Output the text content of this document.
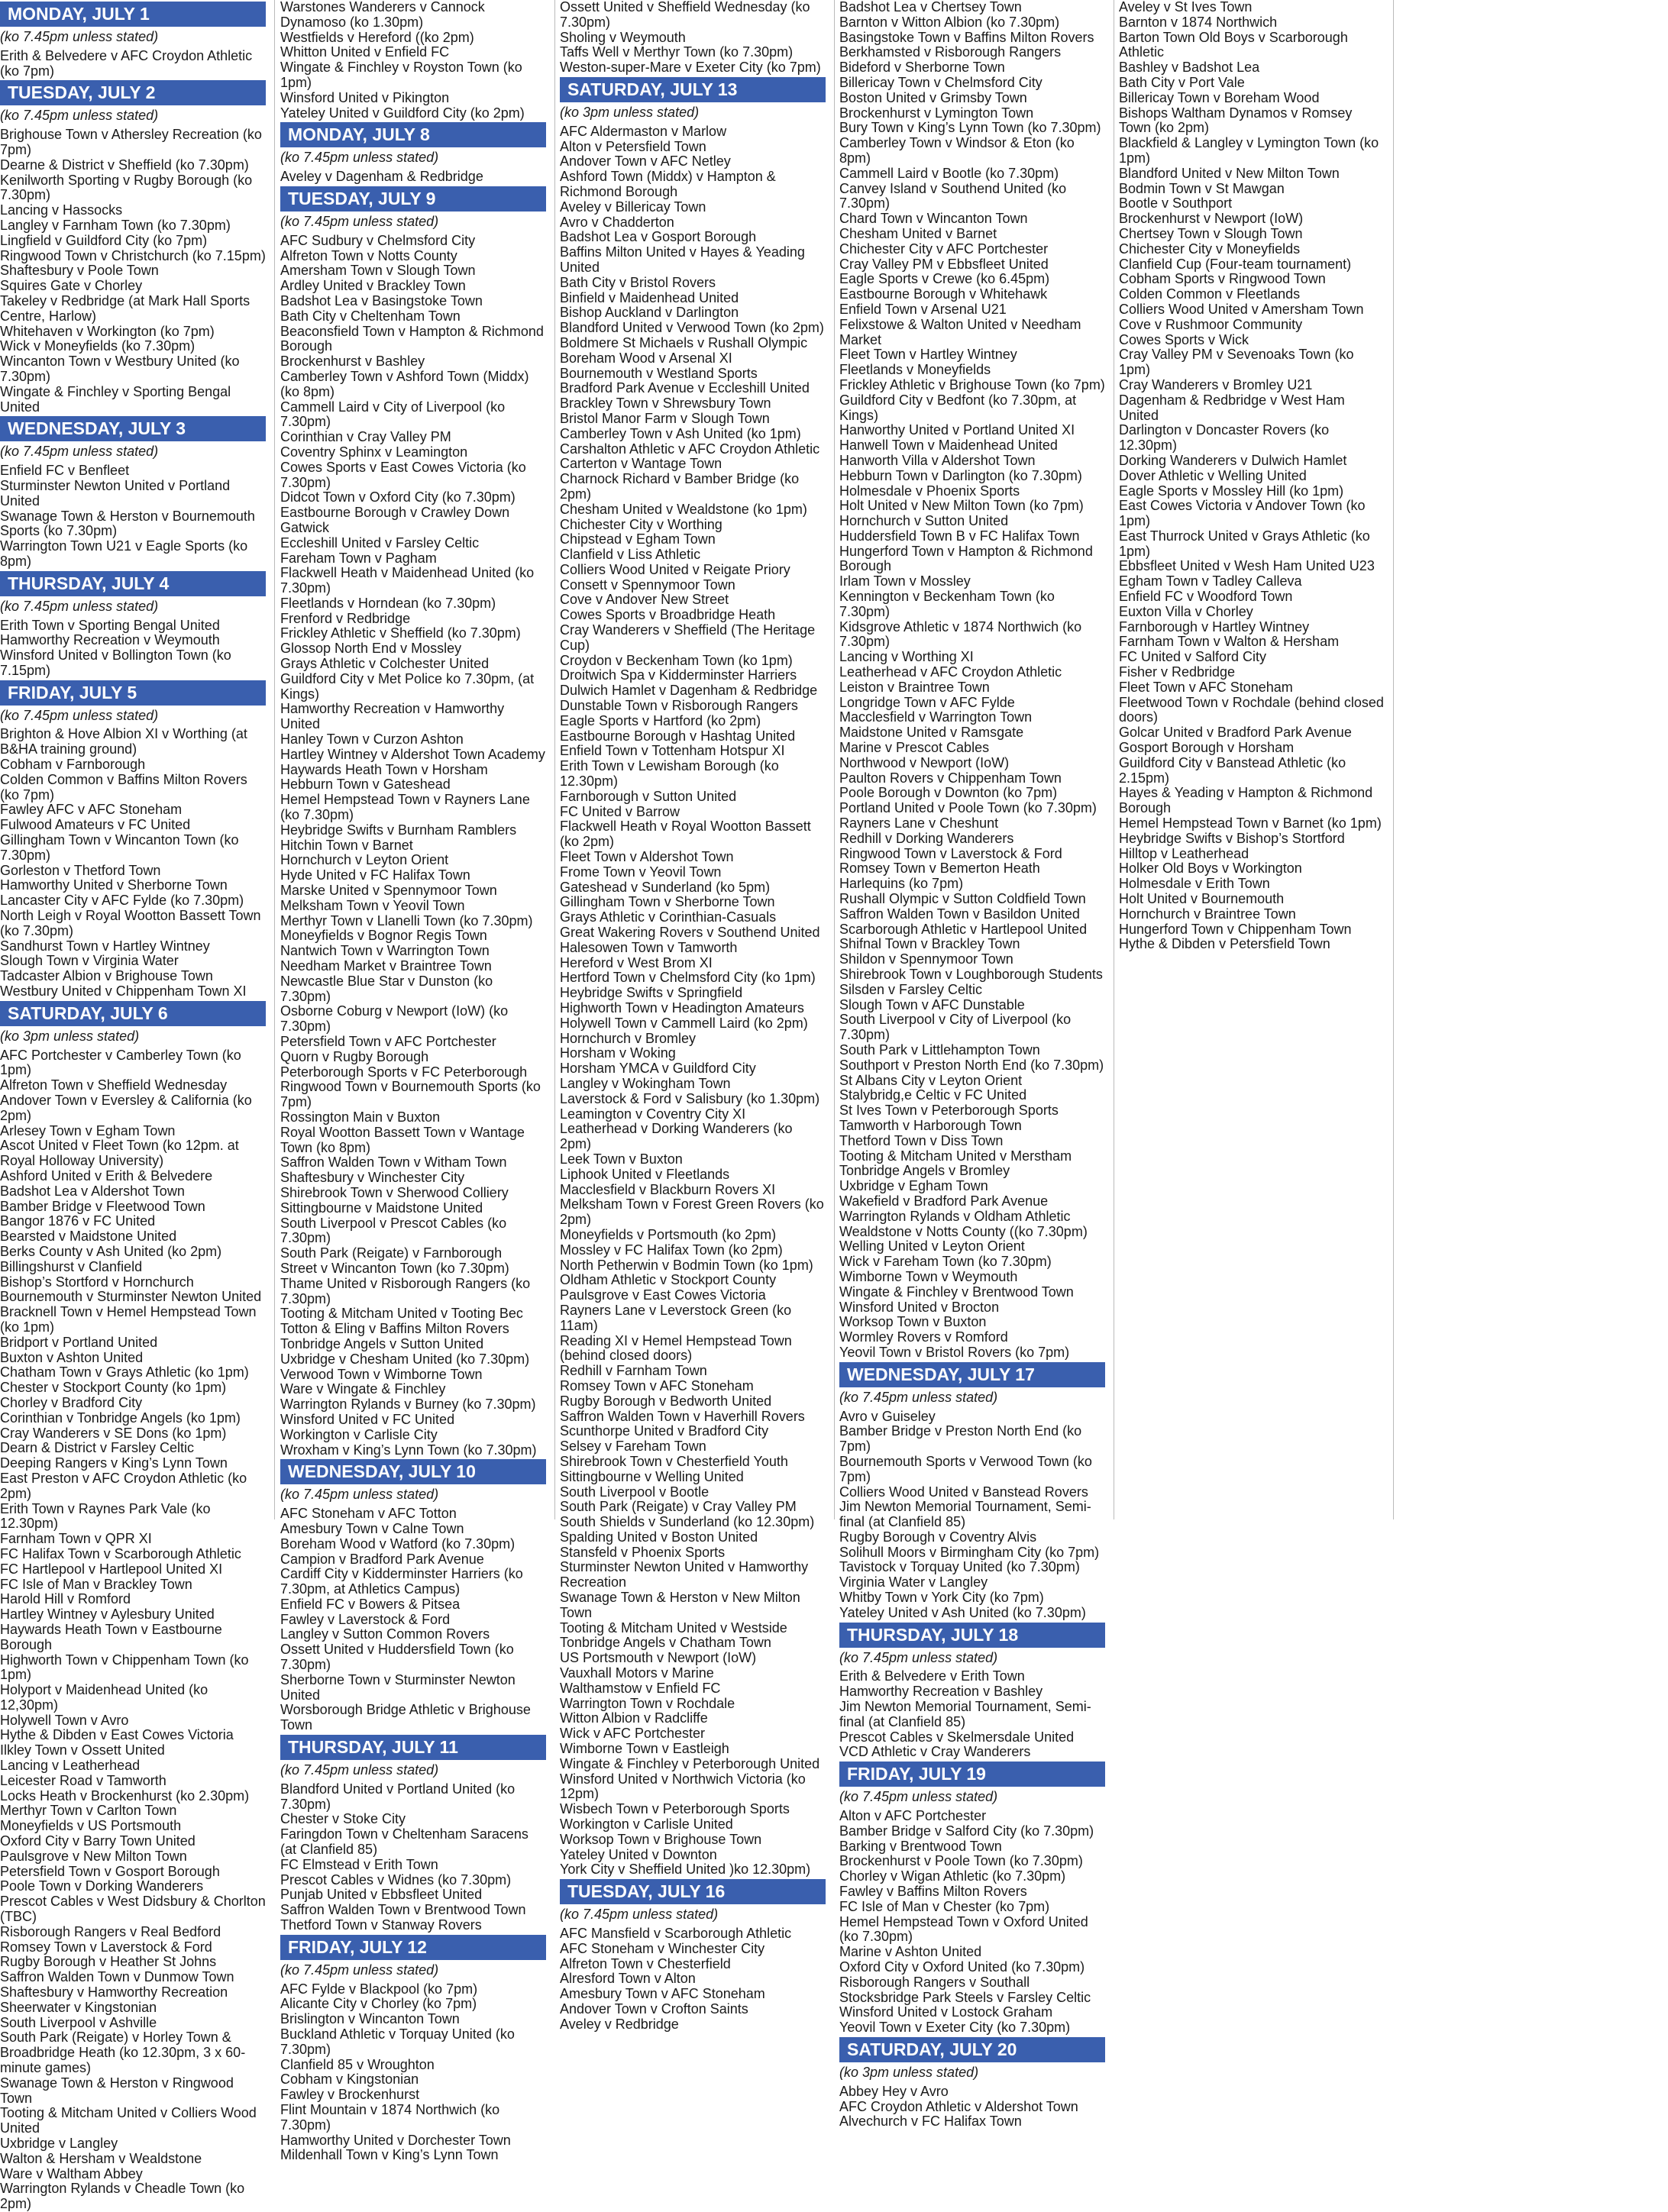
MONDAY, JULY 1
(ko 7.45pm unless stated)
Erith & Belvedere v AFC Croydon Athletic (ko 7pm)
TUESDAY, JULY 2
(ko 7.45pm unless stated)
Brighouse Town v Athersley Recreation (ko 7pm)
Dearne & District v Sheffield (ko 7.30pm)
Kenilworth Sporting v Rugby Borough (ko 7.30pm)
Lancing v Hassocks
Langley v Farnham Town (ko 7.30pm)
Lingfield v Guildford City (ko 7pm)
Ringwood Town v Christchurch (ko 7.15pm)
Shaftesbury v Poole Town
Squires Gate v Chorley
Takeley v Redbridge (at Mark Hall Sports Centre, Harlow)
Whitehaven v Workington (ko 7pm)
Wick v Moneyfields (ko 7.30pm)
Wincanton Town v Westbury United (ko 7.30pm)
Wingate & Finchley v Sporting Bengal United
WEDNESDAY, JULY 3
(ko 7.45pm unless stated)
Enfield FC v Benfleet
Sturminster Newton United v Portland United
Swanage Town & Herston v Bournemouth Sports (ko 7.30pm)
Warrington Town U21 v Eagle Sports (ko 8pm)
THURSDAY, JULY 4
(ko 7.45pm unless stated)
Erith Town v Sporting Bengal United
Hamworthy Recreation v Weymouth
Winsford United v Bollington Town (ko 7.15pm)
FRIDAY, JULY 5
(ko 7.45pm unless stated)
Brighton & Hove Albion XI v Worthing (at B&HA training ground)
Cobham v Farnborough
Colden Common v Baffins Milton Rovers (ko 7pm)
Fawley AFC v AFC Stoneham
Fulwood Amateurs v FC United
Gillingham Town v Wincanton Town (ko 7.30pm)
Gorleston v Thetford Town
Hamworthy United v Sherborne Town
Lancaster City v AFC Fylde (ko 7.30pm)
North Leigh v Royal Wootton Bassett Town (ko 7.30pm)
Sandhurst Town v Hartley Wintney
Slough Town v Virginia Water
Tadcaster Albion v Brighouse Town
Westbury United v Chippenham Town XI
SATURDAY, JULY 6
(ko 3pm unless stated)
AFC Portchester v Camberley Town (ko 1pm)
Alfreton Town v Sheffield Wednesday
Andover Town v Eversley & California (ko 2pm)
Arlesey Town v Egham Town
Ascot United v Fleet Town (ko 12pm. at Royal Holloway University)
Ashford United v Erith & Belvedere
Badshot Lea v Aldershot Town
Bamber Bridge v Fleetwood Town
Bangor 1876 v FC United
Bearsted v Maidstone United
Berks County v Ash United (ko 2pm)
Billingshurst v Clanfield
Bishop’s Stortford v Hornchurch
Bournemouth v Sturminster Newton United
Bracknell Town v Hemel Hempstead Town (ko 1pm)
Bridport v Portland United
Buxton v Ashton United
Chatham Town v Grays Athletic (ko 1pm)
Chester v Stockport County (ko 1pm)
Chorley v Bradford City
Corinthian v Tonbridge Angels (ko 1pm)
Cray Wanderers v SE Dons (ko 1pm)
Dearn & District v Farsley Celtic
Deeping Rangers v King’s Lynn Town
East Preston v AFC Croydon Athletic (ko 2pm)
Erith Town v Raynes Park Vale (ko 12.30pm)
Farnham Town v QPR XI
FC Halifax Town v Scarborough Athletic
FC Hartlepool v Hartlepool United XI
FC Isle of Man v Brackley Town
Harold Hill v Romford
Hartley Wintney v Aylesbury United
Haywards Heath Town v Eastbourne Borough
Highworth Town v Chippenham Town (ko 1pm)
Holyport v Maidenhead United (ko 12,30pm)
Holywell Town v Avro
Hythe & Dibden v East Cowes Victoria
Ilkley Town v Ossett United
Lancing v Leatherhead
Leicester Road v Tamworth
Locks Heath v Brockenhurst (ko 2.30pm)
Merthyr Town v Carlton Town
Moneyfields v US Portsmouth
Oxford City v Barry Town United
Paulsgrove v New Milton Town
Petersfield Town v Gosport Borough
Poole Town v Dorking Wanderers
Prescot Cables v West Didsbury & Chorlton (TBC)
Risborough Rangers v Real Bedford
Romsey Town v Laverstock & Ford
Rugby Borough v Heather St Johns
Saffron Walden Town v Dunmow Town
Shaftesbury v Hamworthy Recreation
Sheerwater v Kingstonian
South Liverpool v Ashville
South Park (Reigate) v Horley Town & Broadbridge Heath (ko 12.30pm, 3 x 60-minute games)
Swanage Town & Herston v Ringwood Town
Tooting & Mitcham United v Colliers Wood United
Uxbridge v Langley
Walton & Hersham v Wealdstone
Ware v Waltham Abbey
Warrington Rylands v Cheadle Town (ko 2pm)
Warstones Wanderers v Cannock Dynamoso (ko 1.30pm)
Westfields v Hereford ((ko 2pm)
Whitton United v Enfield FC
Wingate & Finchley v Royston Town (ko 1pm)
Winsford United v Pikington
Yateley United v Guildford City (ko 2pm)
MONDAY, JULY 8
(ko 7.45pm unless stated)
Aveley v Dagenham & Redbridge
TUESDAY, JULY 9
(ko 7.45pm unless stated)
AFC Sudbury v Chelmsford City
Alfreton Town v Notts County
Amersham Town v Slough Town
Ardley United v Brackley Town
Badshot Lea v Basingstoke Town
Bath City v Cheltenham Town
Beaconsfield Town v Hampton & Richmond Borough
Brockenhurst v Bashley
Camberley Town v Ashford Town (Middx) (ko 8pm)
Cammell Laird v City of Liverpool (ko 7.30pm)
Corinthian v Cray Valley PM
Coventry Sphinx v Leamington
Cowes Sports v East Cowes Victoria (ko 7.30pm)
Didcot Town v Oxford City (ko 7.30pm)
Eastbourne Borough v Crawley Down Gatwick
Eccleshill United v Farsley Celtic
Fareham Town v Pagham
Flackwell Heath v Maidenhead United (ko 7.30pm)
Fleetlands v Horndean (ko 7.30pm)
Frenford v Redbridge
Frickley Athletic v Sheffield (ko 7.30pm)
Glossop North End v Mossley
Grays Athletic v Colchester United
Guildford City v Met Police ko 7.30pm, (at Kings)
Hamworthy Recreation v Hamworthy United
Hanley Town v Curzon Ashton
Hartley Wintney v Aldershot Town Academy
Haywards Heath Town v Horsham
Hebburn Town v Gateshead
Hemel Hempstead Town v Rayners Lane (ko 7.30pm)
Heybridge Swifts v Burnham Ramblers
Hitchin Town v Barnet
Hornchurch v Leyton Orient
Hyde United v FC Halifax Town
Marske United v Spennymoor Town
Melksham Town v Yeovil Town
Merthyr Town v Llanelli Town (ko 7.30pm)
Moneyfields v Bognor Regis Town
Nantwich Town v Warrington Town
Needham Market v Braintree Town
Newcastle Blue Star v Dunston (ko 7.30pm)
Osborne Coburg v Newport (IoW) (ko 7.30pm)
Petersfield Town v AFC Portchester
Quorn v Rugby Borough
Peterborough Sports v FC Peterborough
Ringwood Town v Bournemouth Sports (ko 7pm)
Rossington Main v Buxton
Royal Wootton Bassett Town v Wantage Town (ko 8pm)
Saffron Walden Town v Witham Town
Shaftesbury v Winchester City
Shirebrook Town v Sherwood Colliery
Sittingbourne v Maidstone United
South Liverpool v Prescot Cables (ko 7.30pm)
South Park (Reigate) v Farnborough
Street v Wincanton Town (ko 7.30pm)
Thame United v Risborough Rangers (ko 7.30pm)
Tooting & Mitcham United v Tooting Bec
Totton & Eling v Baffins Milton Rovers
Tonbridge Angels v Sutton United
Uxbridge v Chesham United (ko 7.30pm)
Verwood Town v Wimborne Town
Ware v Wingate & Finchley
Warrington Rylands v Burney (ko 7.30pm)
Winsford United v FC United
Workington v Carlisle City
Wroxham v King’s Lynn Town (ko 7.30pm)
WEDNESDAY, JULY 10
(ko 7.45pm unless stated)
AFC Stoneham v AFC Totton
Amesbury Town v Calne Town
Boreham Wood v Watford (ko 7.30pm)
Campion v Bradford Park Avenue
Cardiff City v Kidderminster Harriers (ko 7.30pm, at Athletics Campus)
Enfield FC v Bowers & Pitsea
Fawley v Laverstock & Ford
Langley v Sutton Common Rovers
Ossett United v Huddersfield Town (ko 7.30pm)
Sherborne Town v Sturminster Newton United
Worsborough Bridge Athletic v Brighouse Town
THURSDAY, JULY 11
(ko 7.45pm unless stated)
Blandford United v Portland United (ko 7.30pm)
Chester v Stoke City
Faringdon Town v Cheltenham Saracens (at Clanfield 85)
FC Elmstead v Erith Town
Prescot Cables v Widnes (ko 7.30pm)
Punjab United v Ebbsfleet United
Saffron Walden Town v Brentwood Town
Thetford Town v Stanway Rovers
FRIDAY, JULY 12
(ko 7.45pm unless stated)
AFC Fylde v Blackpool (ko 7pm)
Alicante City v Chorley (ko 7pm)
Brislington v Wincanton Town
Buckland Athletic v Torquay United (ko 7.30pm)
Clanfield 85 v Wroughton
Cobham v Kingstonian
Fawley v Brockenhurst
Flint Mountain v 1874 Northwich (ko 7.30pm)
Hamworthy United v Dorchester Town
Mildenhall Town v King’s Lynn Town
Ossett United v Sheffield Wednesday (ko 7.30pm)
Sholing v Weymouth
Taffs Well v Merthyr Town (ko 7.30pm)
Weston-super-Mare v Exeter City (ko 7pm)
SATURDAY, JULY 13
(ko 3pm unless stated)
AFC Aldermaston v Marlow
Alton v Petersfield Town
Andover Town v AFC Netley
Ashford Town (Middx) v Hampton & Richmond Borough
Aveley v Billericay Town
Avro v Chadderton
Badshot Lea v Gosport Borough
Baffins Milton United v Hayes & Yeading United
Bath City v Bristol Rovers
Binfield v Maidenhead United
Bishop Auckland v Darlington
Blandford United v Verwood Town (ko 2pm)
Boldmere St Michaels v Rushall Olympic
Boreham Wood v Arsenal XI
Bournemouth v Westland Sports
Bradford Park Avenue v Eccleshill United
Brackley Town v Shrewsbury Town
Bristol Manor Farm v Slough Town
Camberley Town v Ash United (ko 1pm)
Carshalton Athletic v AFC Croydon Athletic
Carterton v Wantage Town
Charnock Richard v Bamber Bridge (ko 2pm)
Chesham United v Wealdstone (ko 1pm)
Chichester City v Worthing
Chipstead v Egham Town
Clanfield v Liss Athletic
Colliers Wood United v Reigate Priory
Consett v Spennymoor Town
Cove v Andover New Street
Cowes Sports v Broadbridge Heath
Cray Wanderers v Sheffield (The Heritage Cup)
Croydon v Beckenham Town (ko 1pm)
Droitwich Spa v Kidderminster Harriers
Dulwich Hamlet v Dagenham & Redbridge
Dunstable Town v Risborough Rangers
Eagle Sports v Hartford (ko 2pm)
Eastbourne Borough v Hashtag United
Enfield Town v Tottenham Hotspur XI
Erith Town v Lewisham Borough (ko 12.30pm)
Farnborough v Sutton United
FC United v Barrow
Flackwell Heath v Royal Wootton Bassett (ko 2pm)
Fleet Town v Aldershot Town
Frome Town v Yeovil Town
Gateshead v Sunderland (ko 5pm)
Gillingham Town v Sherborne Town
Grays Athletic v Corinthian-Casuals
Great Wakering Rovers v Southend United
Halesowen Town v Tamworth
Hereford v West Brom XI
Hertford Town v Chelmsford City (ko 1pm)
Heybridge Swifts v Springfield
Highworth Town v Headington Amateurs
Holywell Town v Cammell Laird (ko 2pm)
Hornchurch v Bromley
Horsham v Woking
Horsham YMCA v Guildford City
Langley v Wokingham Town
Laverstock & Ford v Salisbury (ko 1.30pm)
Leamington v Coventry City XI
Leatherhead v Dorking Wanderers (ko 2pm)
Leek Town v Buxton
Liphook United v Fleetlands
Macclesfield v Blackburn Rovers XI
Melksham Town v Forest Green Rovers (ko 2pm)
Moneyfields v Portsmouth (ko 2pm)
Mossley v FC Halifax Town (ko 2pm)
North Petherwin v Bodmin Town (ko 1pm)
Oldham Athletic v Stockport County
Paulsgrove v East Cowes Victoria
Rayners Lane v Leverstock Green (ko 11am)
Reading XI v Hemel Hempstead Town (behind closed doors)
Redhill v Farnham Town
Romsey Town v AFC Stoneham
Rugby Borough v Bedworth United
Saffron Walden Town v Haverhill Rovers
Scunthorpe United v Bradford City
Selsey v Fareham Town
Shirebrook Town v Chesterfield Youth
Sittingbourne v Welling United
South Liverpool v Bootle
South Park (Reigate) v Cray Valley PM
South Shields v Sunderland (ko 12.30pm)
Spalding United v Boston United
Stansfeld v Phoenix Sports
Sturminster Newton United v Hamworthy Recreation
Swanage Town & Herston v New Milton Town
Tooting & Mitcham United v Westside
Tonbridge Angels v Chatham Town
US Portsmouth v Newport (IoW)
Vauxhall Motors v Marine
Walthamstow v Enfield FC
Warrington Town v Rochdale
Witton Albion v Radcliffe
Wick v AFC Portchester
Wimborne Town v Eastleigh
Wingate & Finchley v Peterborough United
Winsford United v Northwich Victoria (ko 12pm)
Wisbech Town v Peterborough Sports
Workington v Carlisle United
Worksop Town v Brighouse Town
Yateley United v Downton
York City v Sheffield United )ko 12.30pm)
TUESDAY, JULY 16
(ko 7.45pm unless stated)
AFC Mansfield v Scarborough Athletic
AFC Stoneham v Winchester City
Alfreton Town v Chesterfield
Alresford Town v Alton
Amesbury Town v AFC Stoneham
Andover Town v Crofton Saints
Aveley v Redbridge
Badshot Lea v Chertsey Town
Barnton v Witton Albion (ko 7.30pm)
Basingstoke Town v Baffins Milton Rovers
Berkhamsted v Risborough Rangers
Bideford v Sherborne Town
Billericay Town v Chelmsford City
Boston United v Grimsby Town
Brockenhurst v Lymington Town
Bury Town v King’s Lynn Town (ko 7.30pm)
Camberley Town v Windsor & Eton (ko 8pm)
Cammell Laird v Bootle (ko 7.30pm)
Canvey Island v Southend United (ko 7.30pm)
Chard Town v Wincanton Town
Chesham United v Barnet
Chichester City v AFC Portchester
Cray Valley PM v Ebbsfleet United
Eagle Sports v Crewe (ko 6.45pm)
Eastbourne Borough v Whitehawk
Enfield Town v Arsenal U21
Felixstowe & Walton United v Needham Market
Fleet Town v Hartley Wintney
Fleetlands v Moneyfields
Frickley Athletic v Brighouse Town (ko 7pm)
Guildford City v Bedfont (ko 7.30pm, at Kings)
Hanworthy United v Portland United XI
Hanwell Town v Maidenhead United
Hanworth Villa v Aldershot Town
Hebburn Town v Darlington (ko 7.30pm)
Holmesdale v Phoenix Sports
Holt United v New Milton Town (ko 7pm)
Hornchurch v Sutton United
Huddersfield Town B v FC Halifax Town
Hungerford Town v Hampton & Richmond Borough
Irlam Town v Mossley
Kennington v Beckenham Town (ko 7.30pm)
Kidsgrove Athletic v 1874 Northwich (ko 7.30pm)
Lancing v Worthing XI
Leatherhead v AFC Croydon Athletic
Leiston v Braintree Town
Longridge Town v AFC Fylde
Macclesfield v Warrington Town
Maidstone United v Ramsgate
Marine v Prescot Cables
Northwood v Newport (IoW)
Paulton Rovers v Chippenham Town
Poole Borough v Downton (ko 7pm)
Portland United v Poole Town (ko 7.30pm)
Rayners Lane v Cheshunt
Redhill v Dorking Wanderers
Ringwood Town v Laverstock & Ford
Romsey Town v Bemerton Heath Harlequins (ko 7pm)
Rushall Olympic v Sutton Coldfield Town
Saffron Walden Town v Basildon United
Scarborough Athletic v Hartlepool United
Shifnal Town v Brackley Town
Shildon v Spennymoor Town
Shirebrook Town v Loughborough Students
Silsden v Farsley Celtic
Slough Town v AFC Dunstable
South Liverpool v City of Liverpool (ko 7.30pm)
South Park v Littlehampton Town
Southport v Preston North End (ko 7.30pm)
St Albans City v Leyton Orient
Stalybridg,e Celtic v FC United
St Ives Town v Peterborough Sports
Tamworth v Harborough Town
Thetford Town v Diss Town
Tooting & Mitcham United v Merstham
Tonbridge Angels v Bromley
Uxbridge v Egham Town
Wakefield v Bradford Park Avenue
Warrington Rylands v Oldham Athletic
Wealdstone v Notts County ((ko 7.30pm)
Welling United v Leyton Orient
Wick v Fareham Town (ko 7.30pm)
Wimborne Town v Weymouth
Wingate & Finchley v Brentwood Town
Winsford United v Brocton
Worksop Town v Buxton
Wormley Rovers v Romford
Yeovil Town v Bristol Rovers (ko 7pm)
WEDNESDAY, JULY 17
(ko 7.45pm unless stated)
Avro v Guiseley
Bamber Bridge v Preston North End (ko 7pm)
Bournemouth Sports v Verwood Town (ko 7pm)
Colliers Wood United v Banstead Rovers
Jim Newton Memorial Tournament, Semi-final (at Clanfield 85)
Rugby Borough v Coventry Alvis
Solihull Moors v Birmingham City (ko 7pm)
Tavistock v Torquay United (ko 7.30pm)
Virginia Water v Langley
Whitby Town v York City (ko 7pm)
Yateley United v Ash United (ko 7.30pm)
THURSDAY, JULY 18
(ko 7.45pm unless stated)
Erith & Belvedere v Erith Town
Hamworthy Recreation v Bashley
Jim Newton Memorial Tournament, Semi-final (at Clanfield 85)
Prescot Cables v Skelmersdale United
VCD Athletic v Cray Wanderers
FRIDAY, JULY 19
(ko 7.45pm unless stated)
Alton v AFC Portchester
Bamber Bridge v Salford City (ko 7.30pm)
Barking v Brentwood Town
Brockenhurst v Poole Town (ko 7.30pm)
Chorley v Wigan Athletic (ko 7.30pm)
Fawley v Baffins Milton Rovers
FC Isle of Man v Chester (ko 7pm)
Hemel Hempstead Town v Oxford United (ko 7.30pm)
Marine v Ashton United
Oxford City v Oxford United (ko 7.30pm)
Risborough Rangers v Southall
Stocksbridge Park Steels v Farsley Celtic
Winsford United v Lostock Graham
Yeovil Town v Exeter City (ko 7.30pm)
SATURDAY, JULY 20
(ko 3pm unless stated)
Abbey Hey v Avro
AFC Croydon Athletic v Aldershot Town
Alvechurch v FC Halifax Town
Aveley v St Ives Town
Barnton v 1874 Northwich
Barton Town Old Boys v Scarborough Athletic
Bashley v Badshot Lea
Bath City v Port Vale
Billericay Town v Boreham Wood
Bishops Waltham Dynamos v Romsey Town (ko 2pm)
Blackfield & Langley v Lymington Town (ko 1pm)
Blandford United v New Milton Town
Bodmin Town v St Mawgan
Bootle v Southport
Brockenhurst v Newport (IoW)
Chertsey Town v Slough Town
Chichester City v Moneyfields
Clanfield Cup (Four-team tournament)
Cobham Sports v Ringwood Town
Colden Common v Fleetlands
Colliers Wood United v Amersham Town
Cove v Rushmoor Community
Cowes Sports v Wick
Cray Valley PM v Sevenoaks Town (ko 1pm)
Cray Wanderers v Bromley U21
Dagenham & Redbridge v West Ham United
Darlington v Doncaster Rovers (ko 12.30pm)
Dorking Wanderers v Dulwich Hamlet
Dover Athletic v Welling United
Eagle Sports v Mossley Hill (ko 1pm)
East Cowes Victoria v Andover Town (ko 1pm)
East Thurrock United v Grays Athletic (ko 1pm)
Ebbsfleet United v Wesh Ham United U23
Egham Town v Tadley Calleva
Enfield FC v Woodford Town
Euxton Villa v Chorley
Farnborough v Hartley Wintney
Farnham Town v Walton & Hersham
FC United v Salford City
Fisher v Redbridge
Fleet Town v AFC Stoneham
Fleetwood Town v Rochdale (behind closed doors)
Golcar United v Bradford Park Avenue
Gosport Borough v Horsham
Guildford City v Banstead Athletic (ko 2.15pm)
Hayes & Yeading v Hampton & Richmond Borough
Hemel Hempstead Town v Barnet (ko 1pm)
Heybridge Swifts v Bishop’s Stortford
Hilltop v Leatherhead
Holker Old Boys v Workington
Holmesdale v Erith Town
Holt United v Bournemouth
Hornchurch v Braintree Town
Hungerford Town v Chippenham Town
Hythe & Dibden v Petersfield Town
